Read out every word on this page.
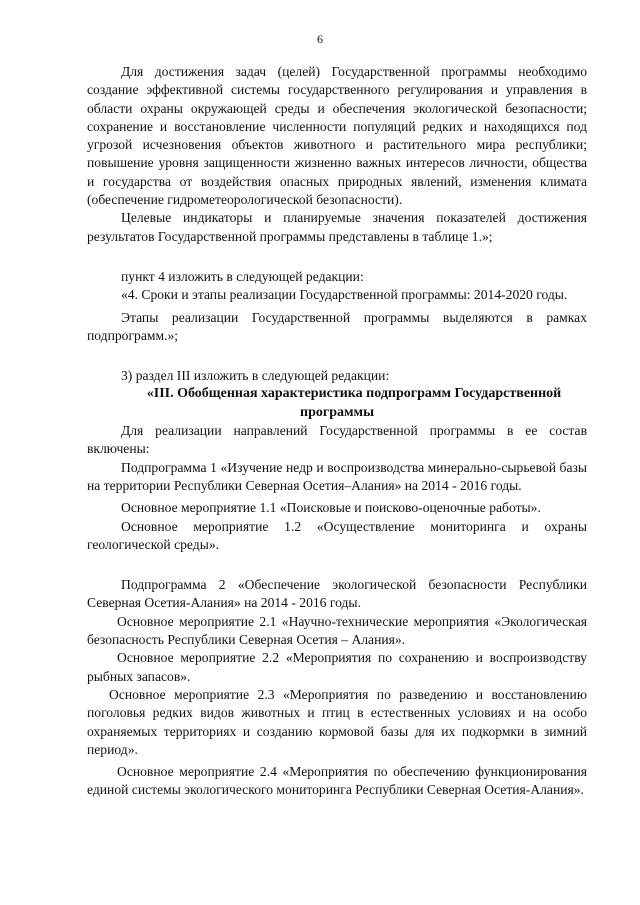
6

Для достижения задач (целей) Государственной программы необходимо создание эффективной системы государственного регулирования и управления в области охраны окружающей среды и обеспечения экологической безопасности; сохранение и восстановление численности популяций редких и находящихся под угрозой исчезновения объектов животного и растительного мира республики; повышение уровня защищенности жизненно важных интересов личности, общества и государства от воздействия опасных природных явлений, изменения климата (обеспечение гидрометеорологической безопасности).

Целевые индикаторы и планируемые значения показателей достижения результатов Государственной программы представлены в таблице 1.»;

пункт 4 изложить в следующей редакции:

«4. Сроки и этапы реализации Государственной программы: 2014-2020 годы.

Этапы реализации Государственной программы выделяются в рамках подпрограмм.»;

3) раздел III изложить в следующей редакции:

«III. Обобщенная характеристика подпрограмм Государственной программы

Для реализации направлений Государственной программы в ее состав включены:

Подпрограмма 1 «Изучение недр и воспроизводства минерально-сырьевой базы на территории Республики Северная Осетия–Алания» на 2014 - 2016 годы.

Основное мероприятие 1.1 «Поисковые и поисково-оценочные работы».

Основное мероприятие 1.2 «Осуществление мониторинга и охраны геологической среды».

Подпрограмма 2 «Обеспечение экологической безопасности Республики Северная Осетия-Алания» на 2014 - 2016 годы.

Основное мероприятие 2.1 «Научно-технические мероприятия «Экологическая безопасность Республики Северная Осетия – Алания».

Основное мероприятие 2.2 «Мероприятия по сохранению и воспроизводству рыбных запасов».

Основное мероприятие 2.3 «Мероприятия по разведению и восстановлению поголовья редких видов животных и птиц в естественных условиях и на особо охраняемых территориях и созданию кормовой базы для их подкормки в зимний период».

Основное мероприятие 2.4 «Мероприятия по обеспечению функционирования единой системы экологического мониторинга Республики Северная Осетия-Алания».
